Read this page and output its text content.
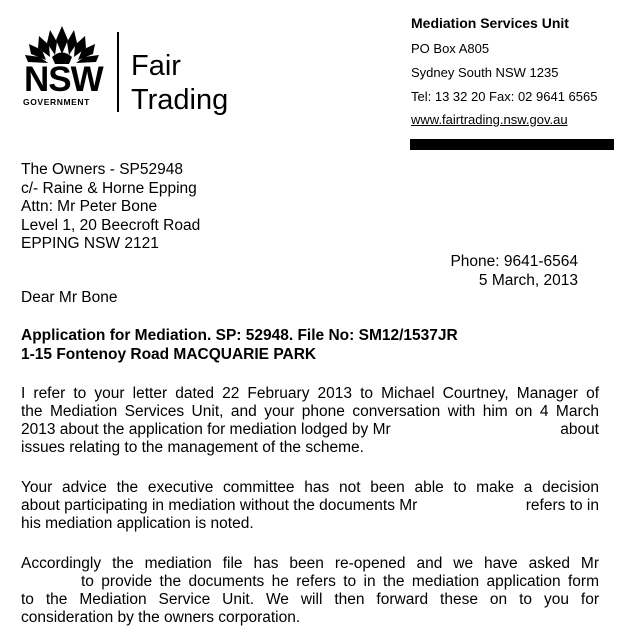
NSW
GOVERNMENT
Fair
Trading
Mediation Services Unit
PO Box A805
Sydney South NSW 1235
Tel: 13 32 20 Fax: 02 9641 6565
www.fairtrading.nsw.gov.au
The Owners - SP52948
c/- Raine & Horne Epping
Attn: Mr Peter Bone
Level 1, 20 Beecroft Road
EPPING NSW 2121
Phone: 9641-6564
5 March, 2013
Dear Mr Bone
Application for Mediation. SP: 52948. File No: SM12/1537JR
1-15 Fontenoy Road MACQUARIE PARK
I refer to your letter dated 22 February 2013 to Michael Courtney, Manager of
the Mediation Services Unit, and your phone conversation with him on 4 March
2013 about the application for mediation lodged by Mr	about
issues relating to the management of the scheme.
Your advice the executive committee has not been able to make a decision
about participating in mediation without the documents Mr	refers to in
his mediation application is noted.
Accordingly the mediation file has been re-opened and we have asked Mr
to provide the documents he refers to in the mediation application form
to the Mediation Service Unit. We will then forward these on to you for
consideration by the owners corporation.
